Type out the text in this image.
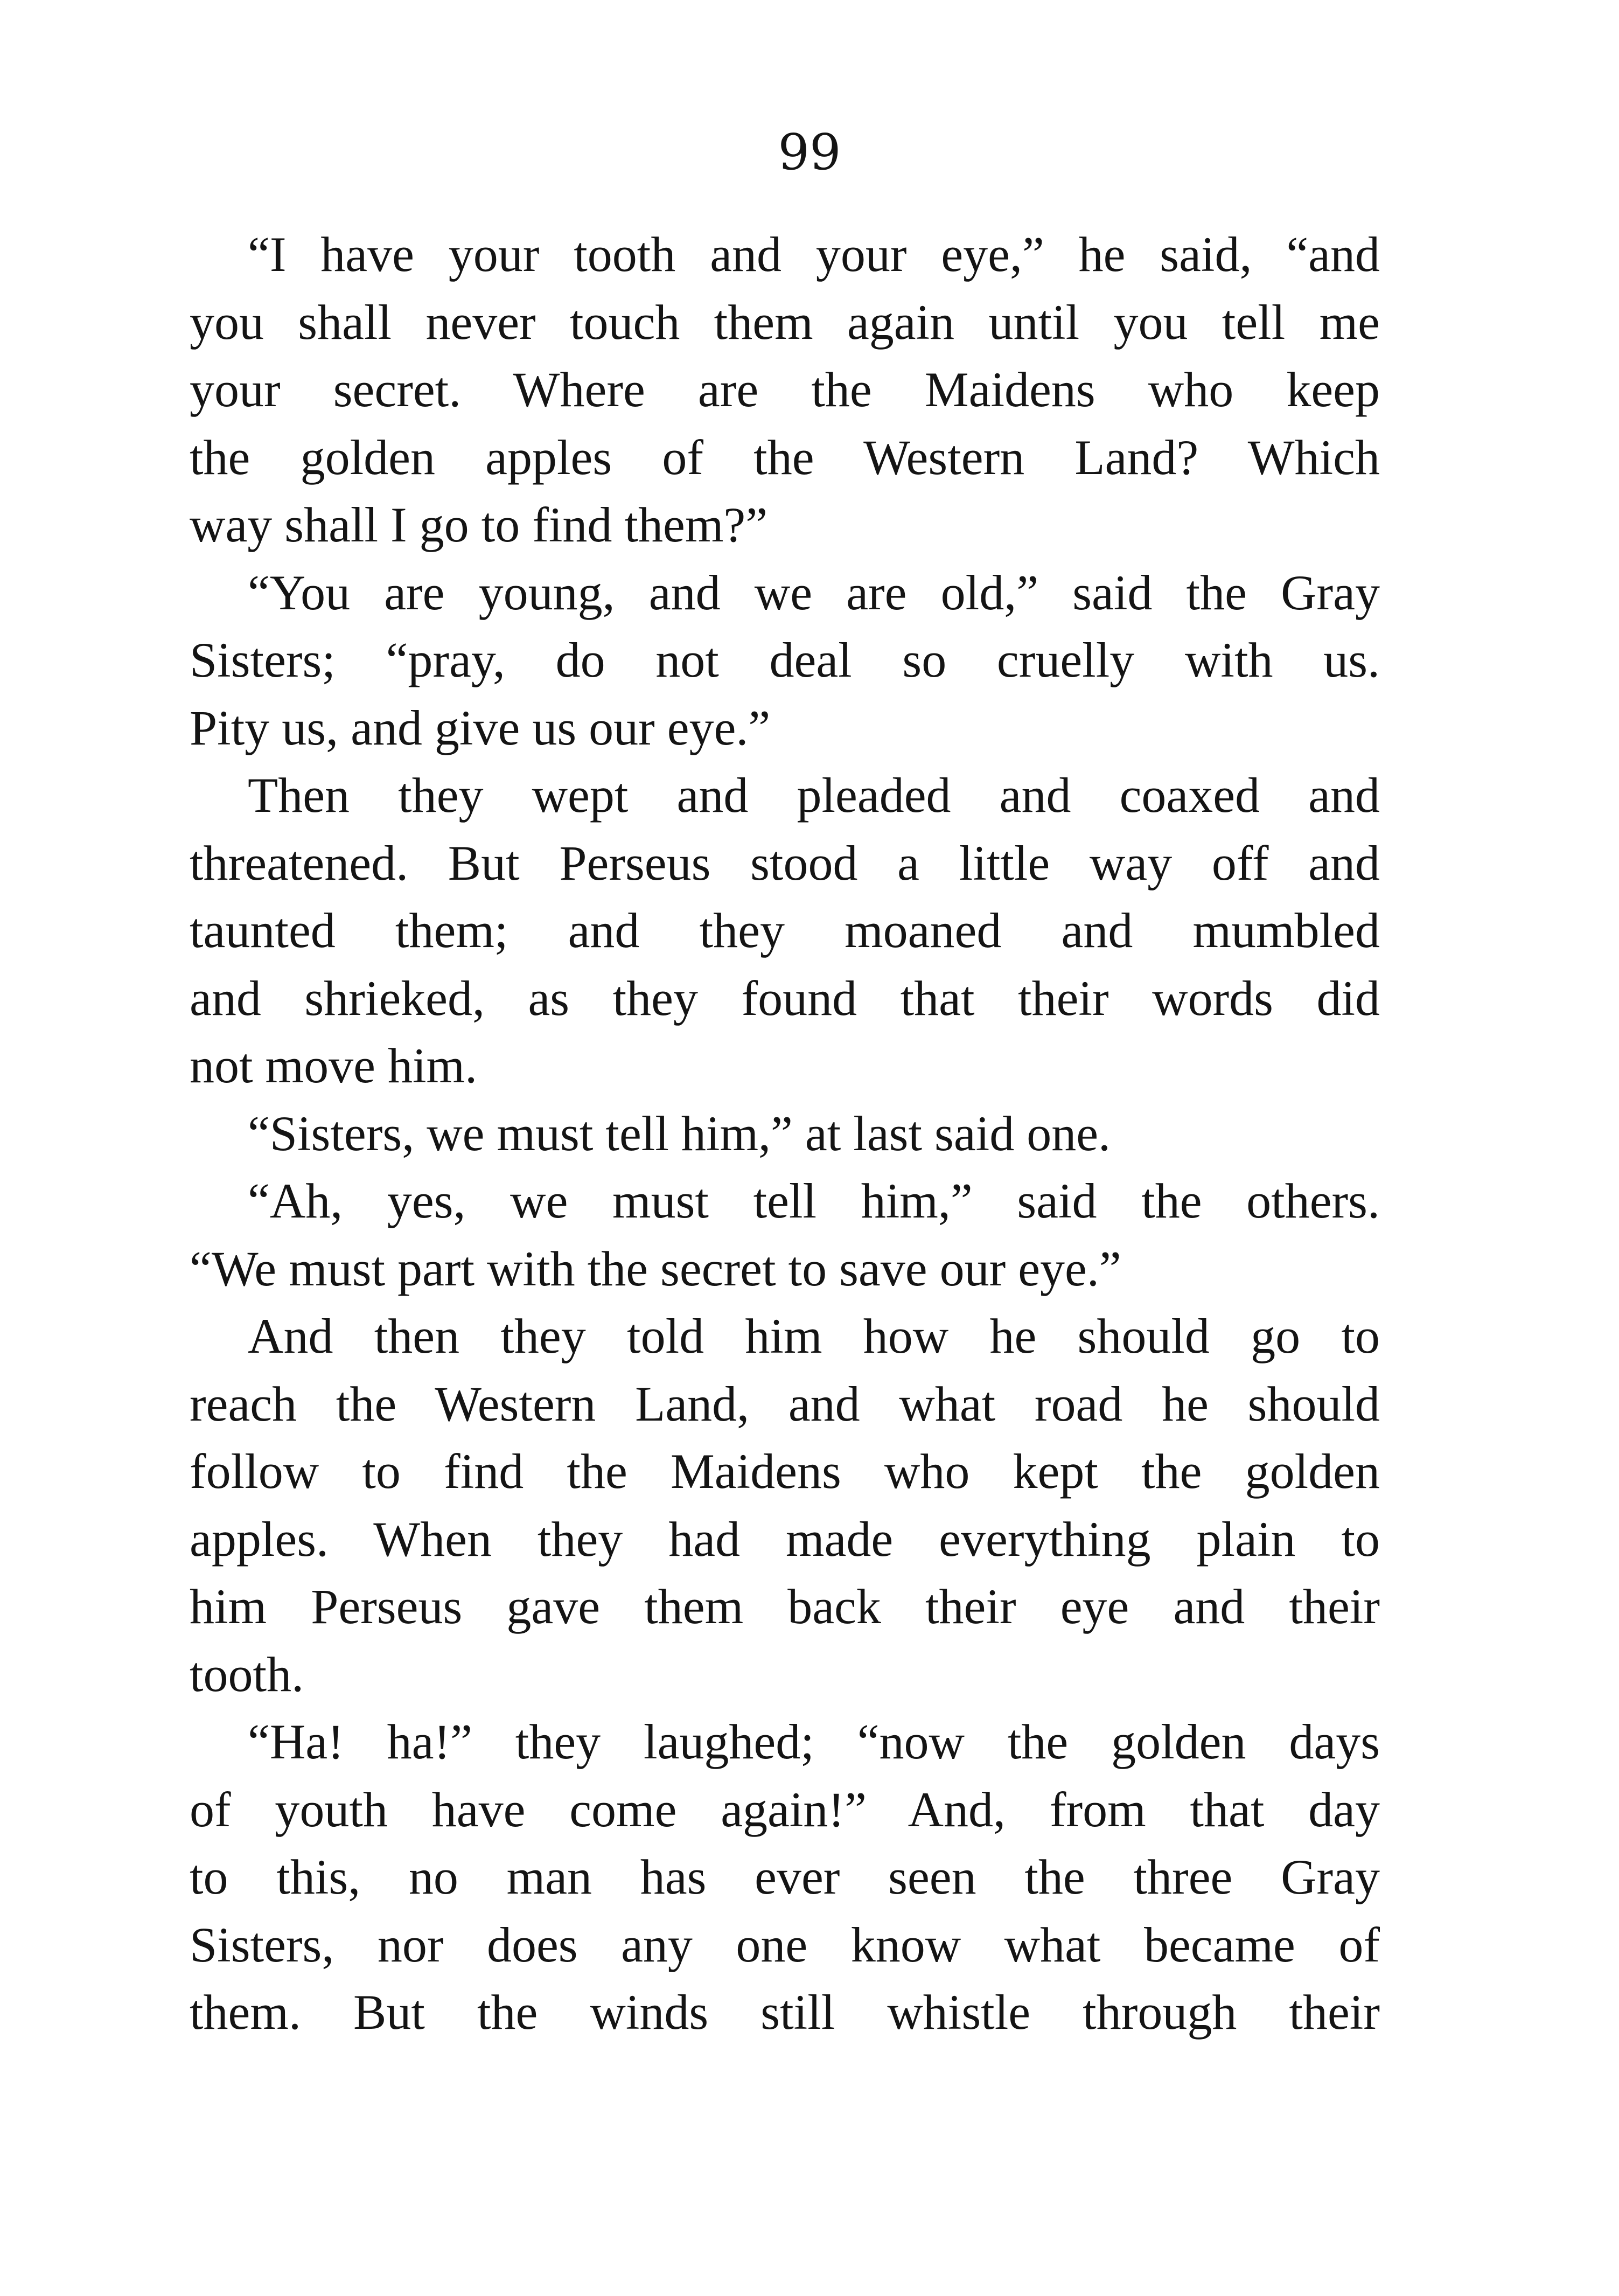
99
“I have your tooth and your eye,” he said, “and
you shall never touch them again until you tell me
your secret. Where are the Maidens who keep
the golden apples of the Western Land? Which
way shall I go to find them?”
“You are young, and we are old,” said the Gray
Sisters; “pray, do not deal so cruelly with us.
Pity us, and give us our eye.”
Then they wept and pleaded and coaxed and
threatened. But Perseus stood a little way off and
taunted them; and they moaned and mumbled
and shrieked, as they found that their words did
not move him.
“Sisters, we must tell him,” at last said one.
“Ah, yes, we must tell him,” said the others.
“We must part with the secret to save our eye.”
And then they told him how he should go to
reach the Western Land, and what road he should
follow to find the Maidens who kept the golden
apples. When they had made everything plain to
him Perseus gave them back their eye and their
tooth.
“Ha! ha!” they laughed; “now the golden days
of youth have come again!” And, from that day
to this, no man has ever seen the three Gray
Sisters, nor does any one know what became of
them. But the winds still whistle through their
